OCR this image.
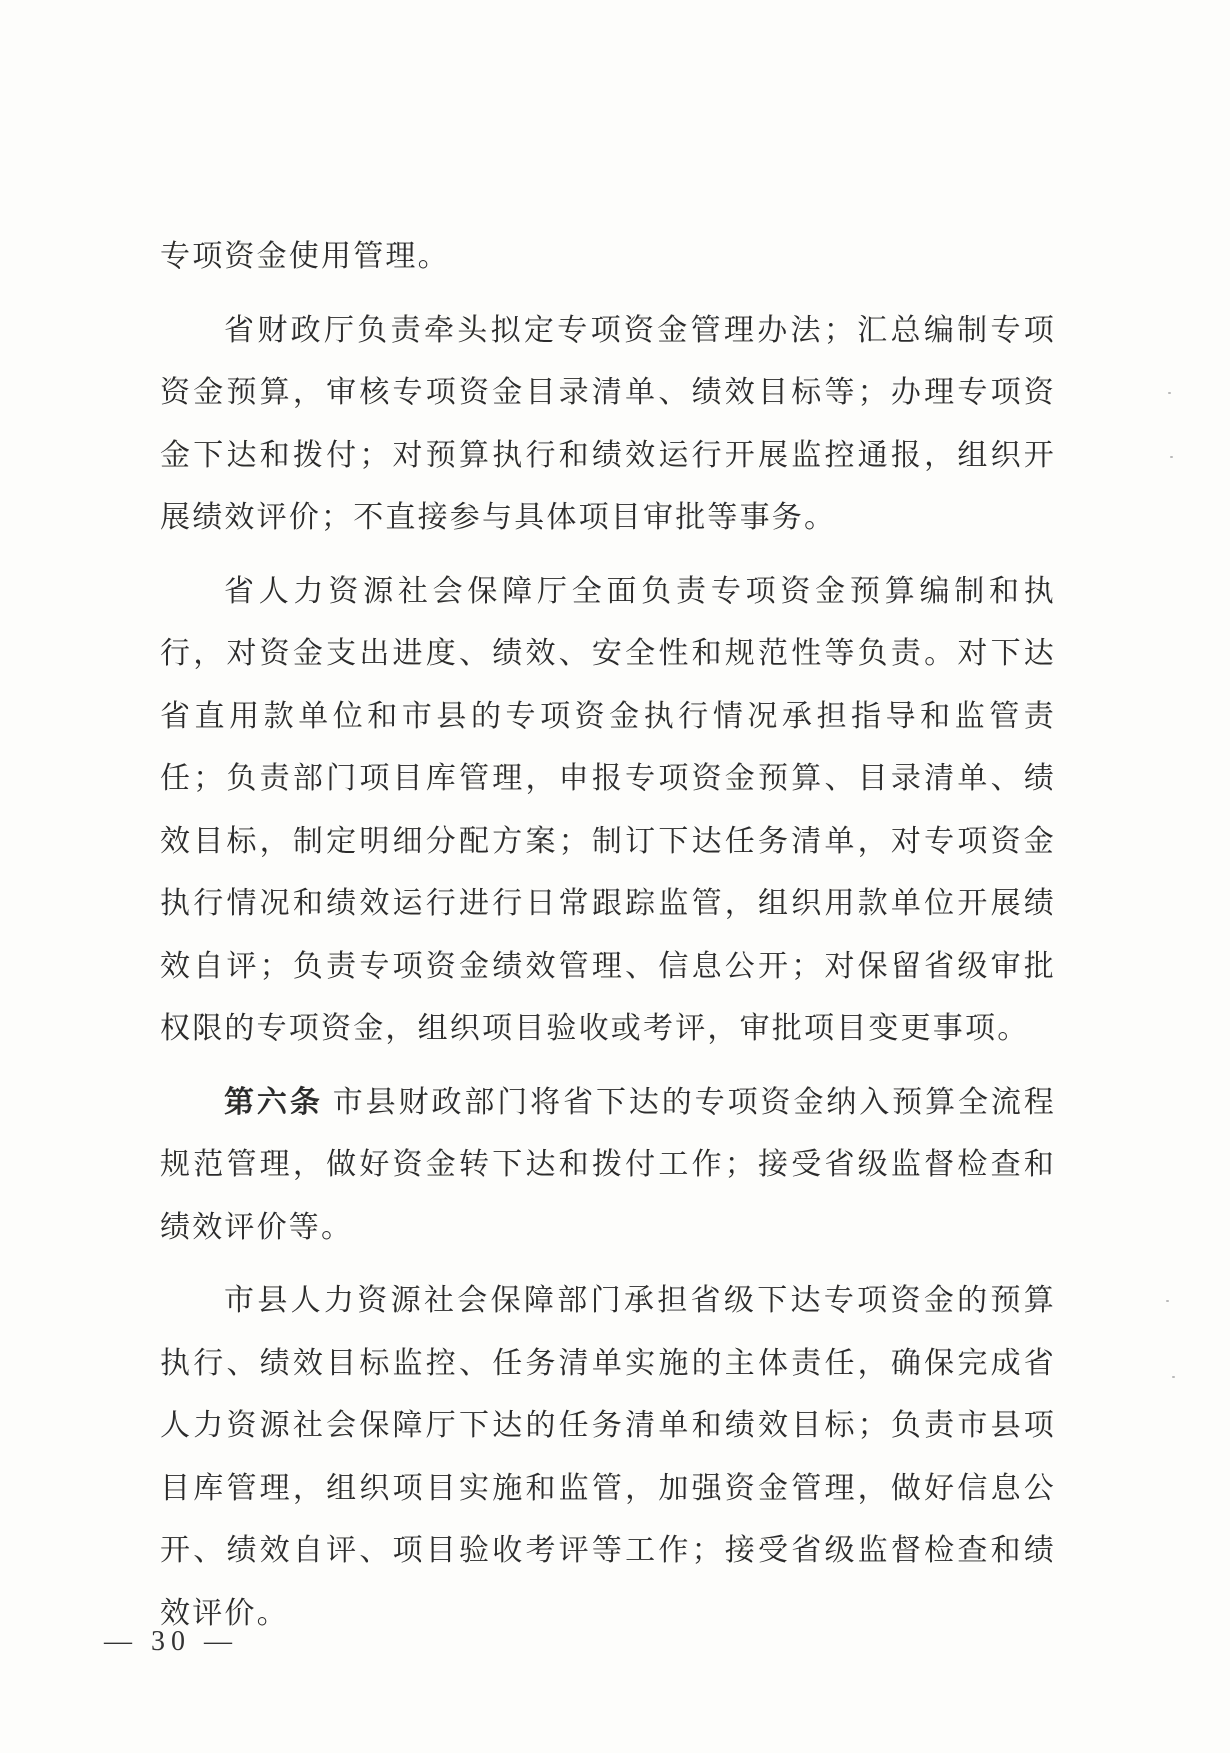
专项资金使用管理。

省财政厅负责牵头拟定专项资金管理办法；汇总编制专项资金预算，审核专项资金目录清单、绩效目标等；办理专项资金下达和拨付；对预算执行和绩效运行开展监控通报，组织开展绩效评价；不直接参与具体项目审批等事务。

省人力资源社会保障厅全面负责专项资金预算编制和执行，对资金支出进度、绩效、安全性和规范性等负责。对下达省直用款单位和市县的专项资金执行情况承担指导和监管责任；负责部门项目库管理，申报专项资金预算、目录清单、绩效目标，制定明细分配方案；制订下达任务清单，对专项资金执行情况和绩效运行进行日常跟踪监管，组织用款单位开展绩效自评；负责专项资金绩效管理、信息公开；对保留省级审批权限的专项资金，组织项目验收或考评，审批项目变更事项。

第六条 市县财政部门将省下达的专项资金纳入预算全流程规范管理，做好资金转下达和拨付工作；接受省级监督检查和绩效评价等。

市县人力资源社会保障部门承担省级下达专项资金的预算执行、绩效目标监控、任务清单实施的主体责任，确保完成省人力资源社会保障厅下达的任务清单和绩效目标；负责市县项目库管理，组织项目实施和监管，加强资金管理，做好信息公开、绩效自评、项目验收考评等工作；接受省级监督检查和绩效评价。

— 30 —
